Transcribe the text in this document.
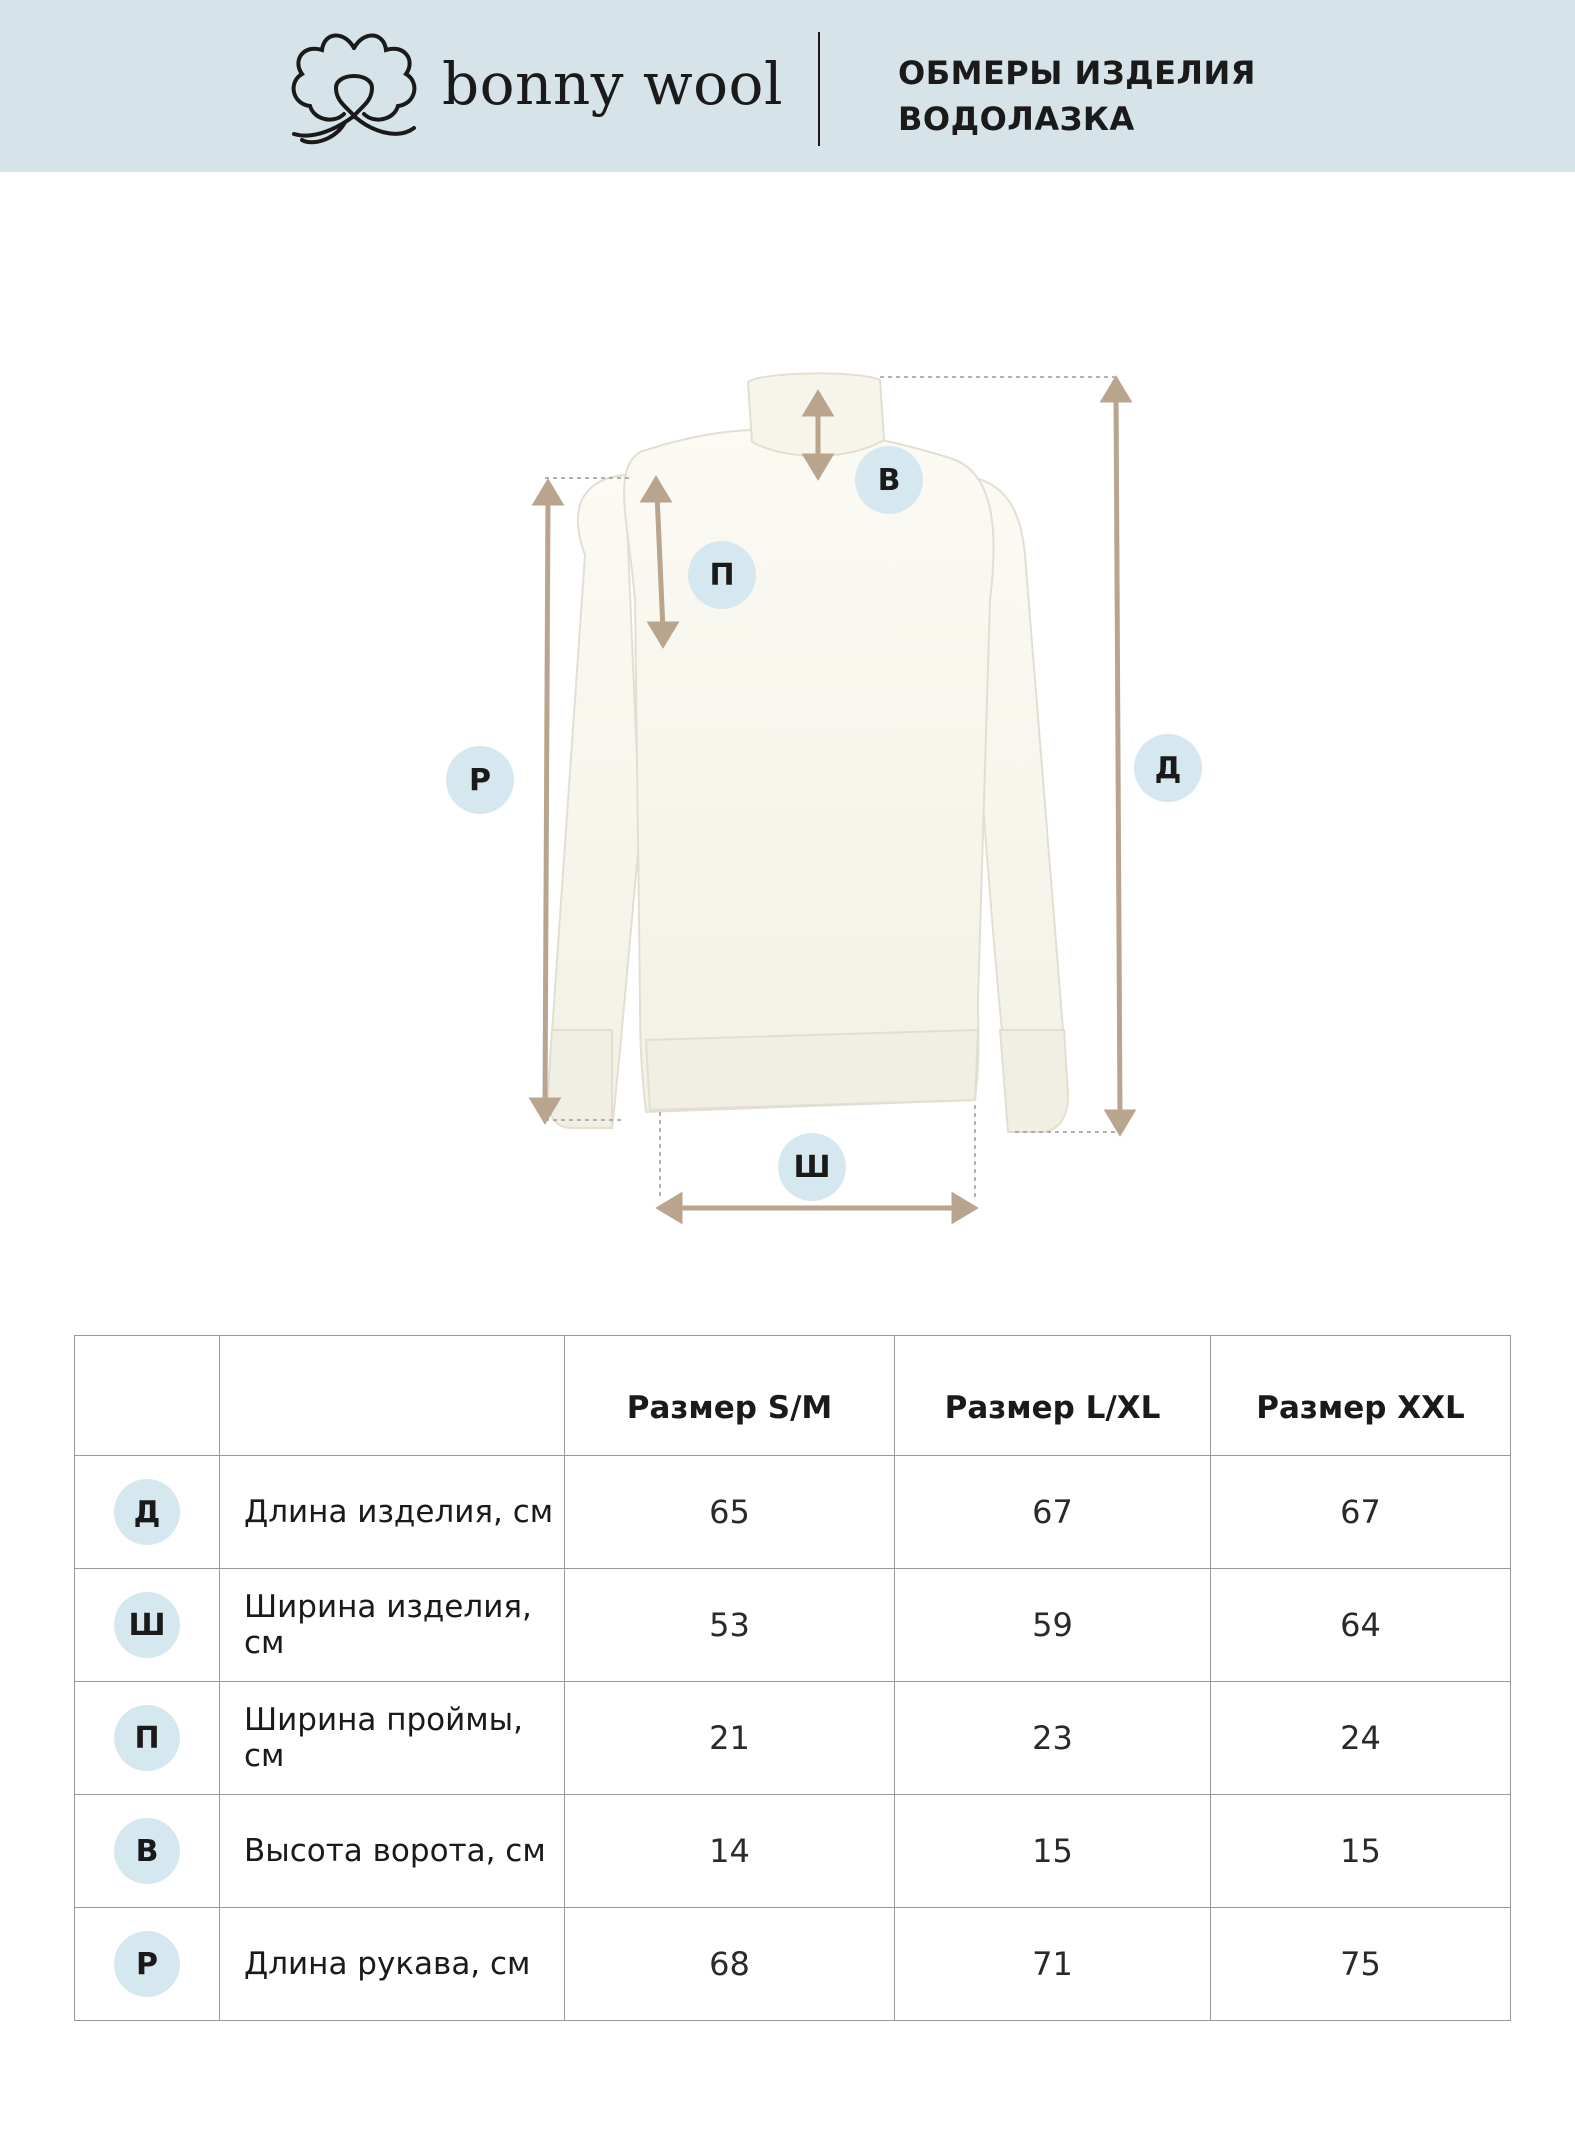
bonny wool	ОБМЕРЫ ИЗДЕЛИЯ
ВОДОЛАЗКА
В
П
Р	Д
Ш
		Размер S/M	Размер L/XL	Размер XXL

Д	Длина изделия, см	65	67	67

Ш	Ширина изделия, см	53	59	64

П	Ширина проймы, см	21	23	24

В	Высота ворота, см	14	15	15

Р	Длина рукава, см	68	71	75
